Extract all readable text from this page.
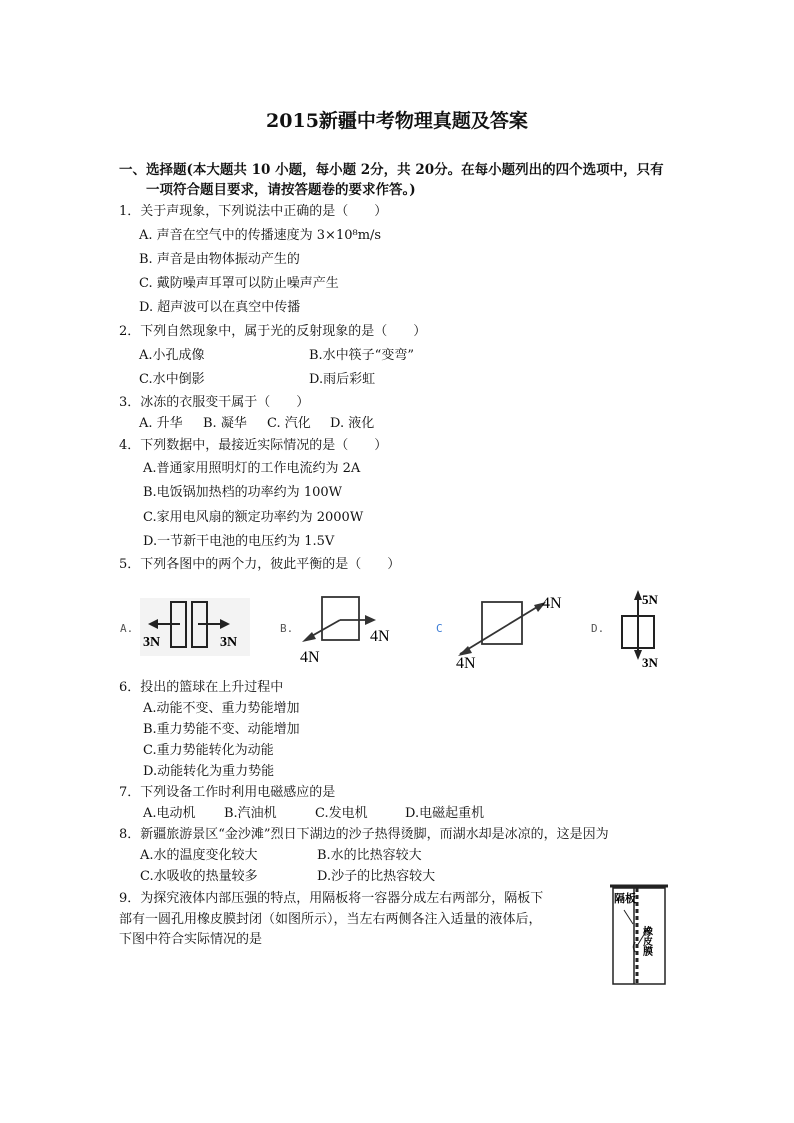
2015新疆中考物理真题及答案
一、选择题(本大题共 10 小题，每小题 2分，共 20分。在每小题列出的四个选项中，只有
一项符合题目要求，请按答题卷的要求作答。)
1．关于声现象，下列说法中正确的是（　　）
A. 声音在空气中的传播速度为 3×10⁸m/s
B. 声音是由物体振动产生的
C. 戴防噪声耳罩可以防止噪声产生
D. 超声波可以在真空中传播
2．下列自然现象中，属于光的反射现象的是（　　）
A.小孔成像	B.水中筷子“变弯”
C.水中倒影	D.雨后彩虹
3．冰冻的衣服变干属于（　　）
A. 升华 B. 凝华 C. 汽化 D. 液化
4．下列数据中，最接近实际情况的是（　　）
A.普通家用照明灯的工作电流约为 2A
B.电饭锅加热档的功率约为 100W
C.家用电风扇的额定功率约为 2000W
D.一节新干电池的电压约为 1.5V
5．下列各图中的两个力，彼此平衡的是（　　）
A.	B.	C	D.
3N	3N	4N
4N
4N
4N
5N
3N
6．投出的篮球在上升过程中
A.动能不变、重力势能增加
B.重力势能不变、动能增加
C.重力势能转化为动能
D.动能转化为重力势能
7．下列设备工作时利用电磁感应的是
A.电动机 B.汽油机	C.发电机	D.电磁起重机
8．新疆旅游景区“金沙滩”烈日下湖边的沙子热得烫脚，而湖水却是冰凉的，这是因为
A.水的温度变化较大	B.水的比热容较大
C.水吸收的热量较多	D.沙子的比热容较大
9．为探究液体内部压强的特点，用隔板将一容器分成左右两部分，隔板下
部有一圆孔用橡皮膜封闭（如图所示），当左右两侧各注入适量的液体后，
下图中符合实际情况的是
隔板
橡皮膜
